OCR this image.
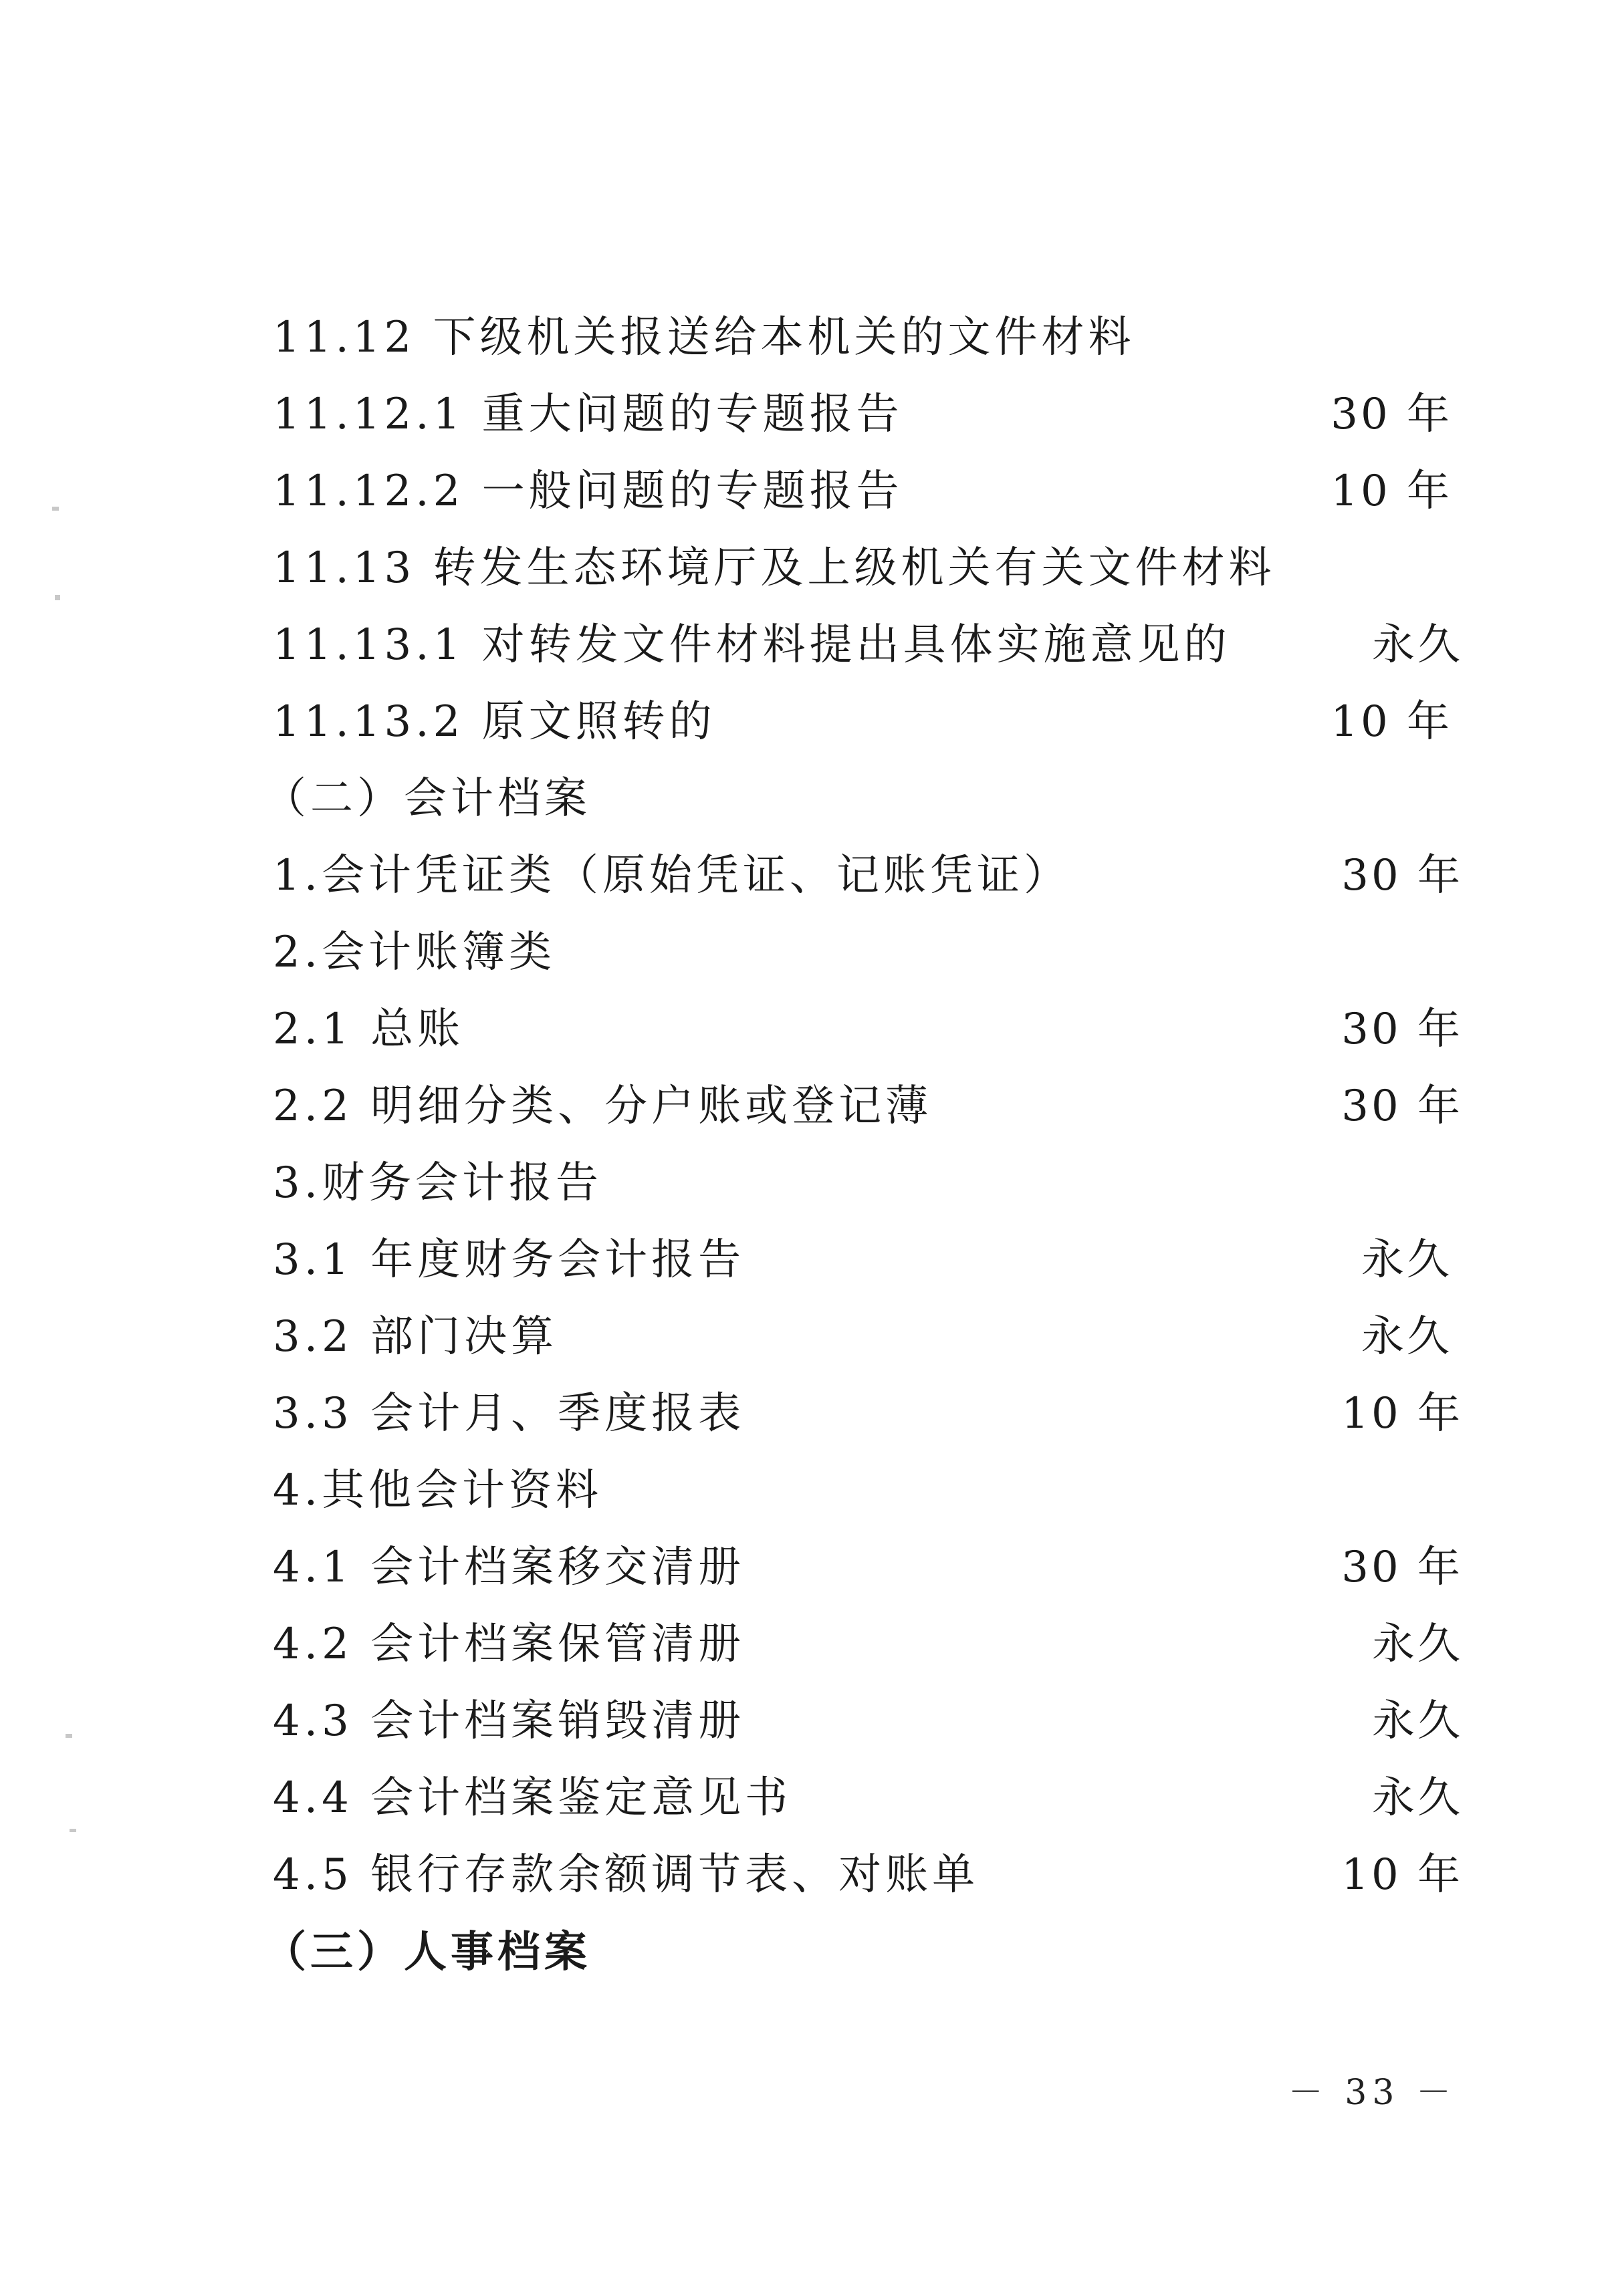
11.12 下级机关报送给本机关的文件材料
11.12.1 重大问题的专题报告	30 年
11.12.2 一般问题的专题报告	10 年
11.13 转发生态环境厅及上级机关有关文件材料
11.13.1 对转发文件材料提出具体实施意见的	永久
11.13.2 原文照转的	10 年
（二）会计档案
1.会计凭证类（原始凭证、记账凭证）	30 年
2.会计账簿类
2.1 总账	30 年
2.2 明细分类、分户账或登记薄	30 年
3.财务会计报告
3.1 年度财务会计报告	永久
3.2 部门决算	永久
3.3 会计月、季度报表	10 年
4.其他会计资料
4.1 会计档案移交清册	30 年
4.2 会计档案保管清册	永久
4.3 会计档案销毁清册	永久
4.4 会计档案鉴定意见书	永久
4.5 银行存款余额调节表、对账单	10 年
（三）人事档案
－ 33 －
